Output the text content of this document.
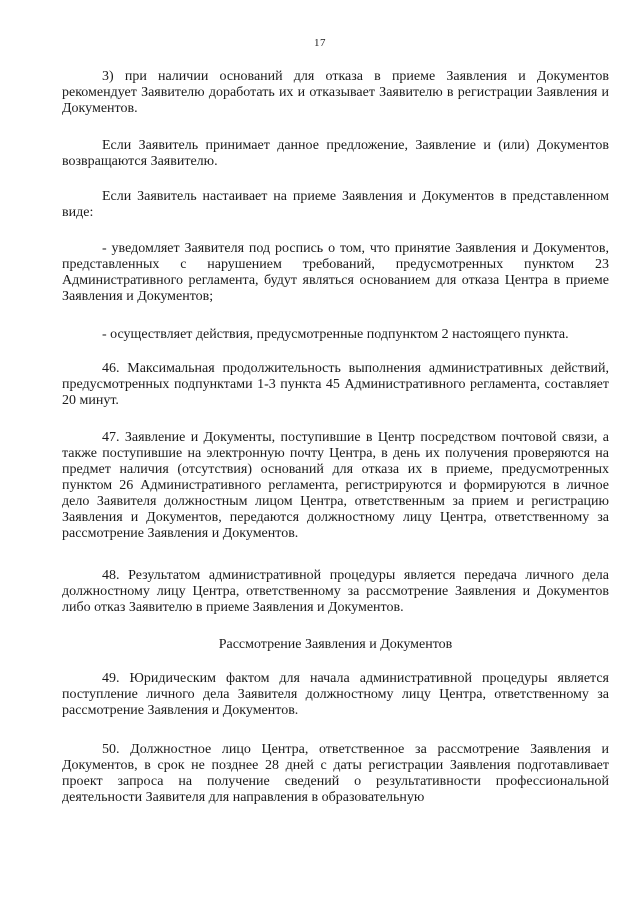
17

3) при наличии оснований для отказа в приеме Заявления и Документов рекомендует Заявителю доработать их и отказывает Заявителю в регистрации Заявления и Документов.

Если Заявитель принимает данное предложение, Заявление и (или) Документов возвращаются Заявителю.

Если Заявитель настаивает на приеме Заявления и Документов в представленном виде:

- уведомляет Заявителя под роспись о том, что принятие Заявления и Документов, представленных с нарушением требований, предусмотренных пунктом 23 Административного регламента, будут являться основанием для отказа Центра в приеме Заявления и Документов;

- осуществляет действия, предусмотренные подпунктом 2 настоящего пункта.

46. Максимальная продолжительность выполнения административных действий, предусмотренных подпунктами 1-3 пункта 45 Административного регламента, составляет 20 минут.

47. Заявление и Документы, поступившие в Центр посредством почтовой связи, а также поступившие на электронную почту Центра, в день их получения проверяются на предмет наличия (отсутствия) оснований для отказа их в приеме, предусмотренных пунктом 26 Административного регламента, регистрируются и формируются в личное дело Заявителя должностным лицом Центра, ответственным за прием и регистрацию Заявления и Документов, передаются должностному лицу Центра, ответственному за рассмотрение Заявления и Документов.

48. Результатом административной процедуры является передача личного дела должностному лицу Центра, ответственному за рассмотрение Заявления и Документов либо отказ Заявителю в приеме Заявления и Документов.

Рассмотрение Заявления и Документов

49. Юридическим фактом для начала административной процедуры является поступление личного дела Заявителя должностному лицу Центра, ответственному за рассмотрение Заявления и Документов.

50. Должностное лицо Центра, ответственное за рассмотрение Заявления и Документов, в срок не позднее 28 дней с даты регистрации Заявления подготавливает проект запроса на получение сведений о результативности профессиональной деятельности Заявителя для направления в образовательную
